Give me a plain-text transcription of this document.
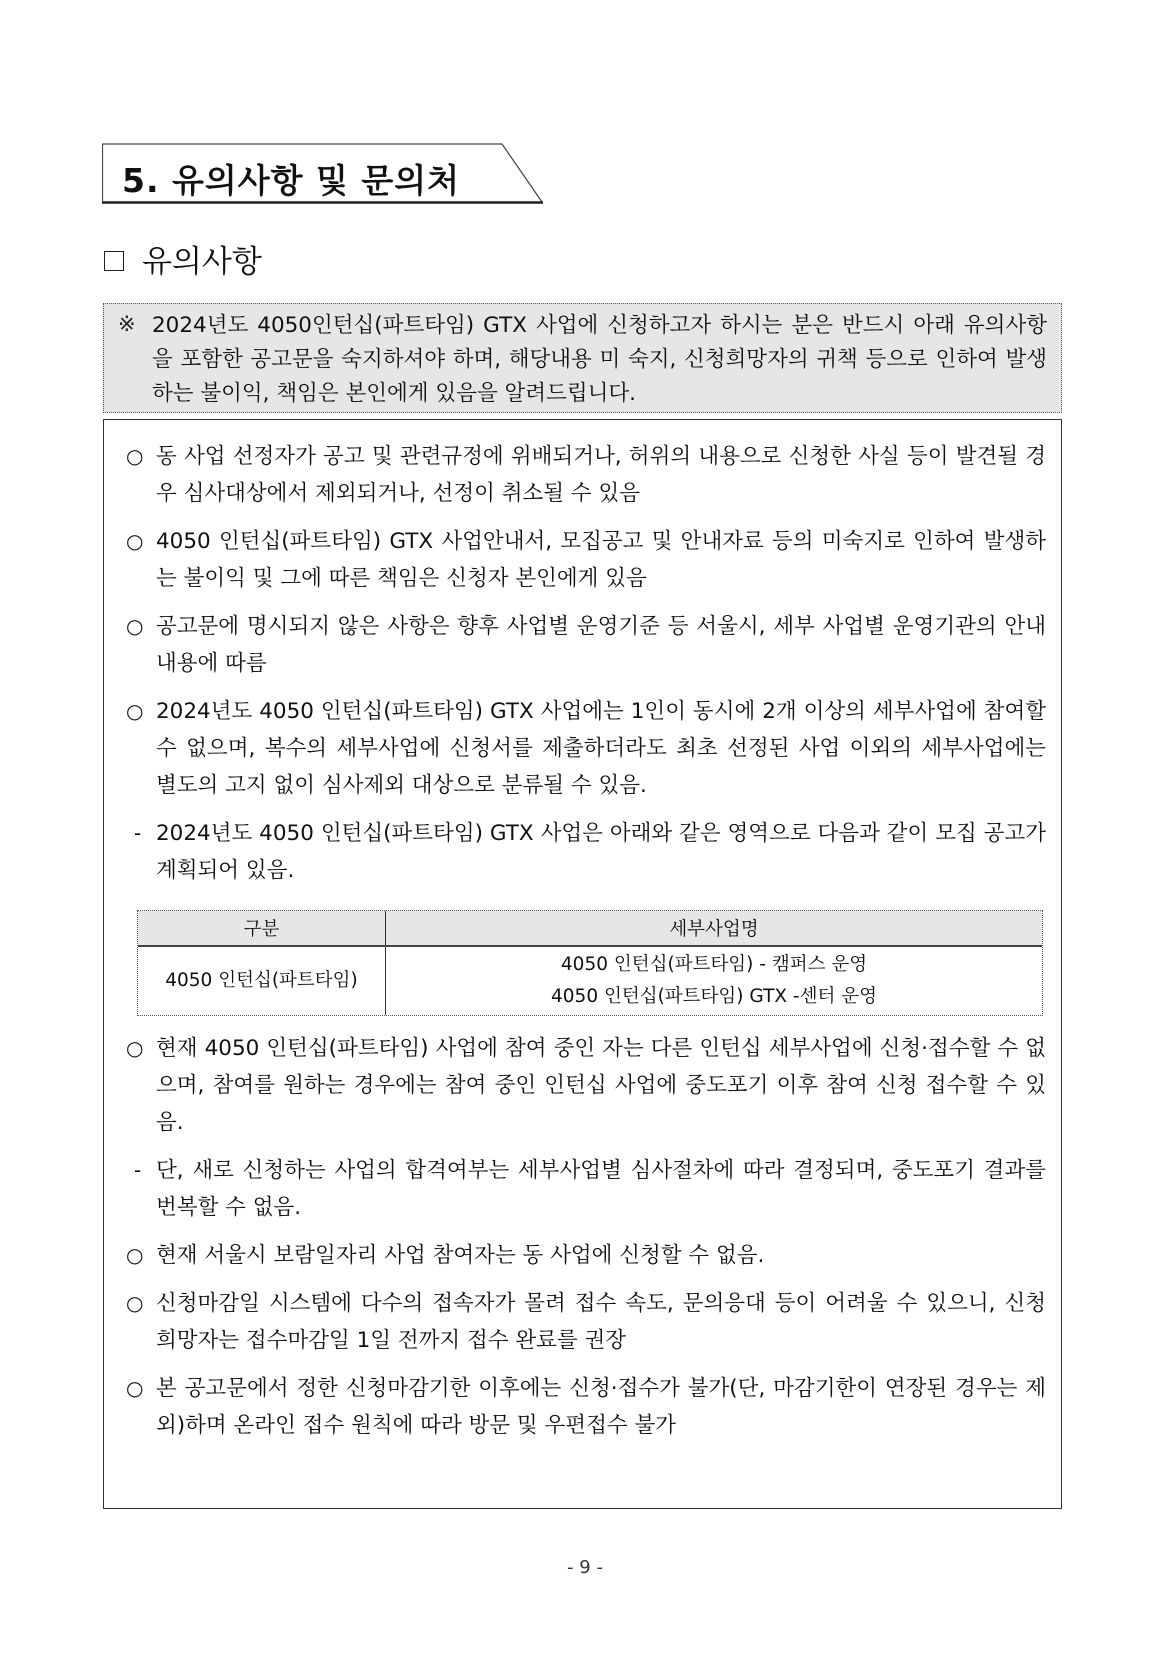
5. 유의사항 및 문의처
유의사항
※ 2024년도 4050인턴십(파트타임) GTX 사업에 신청하고자 하시는 분은 반드시 아래 유의사항을 포함한 공고문을 숙지하셔야 하며, 해당내용 미 숙지, 신청희망자의 귀책 등으로 인하여 발생하는 불이익, 책임은 본인에게 있음을 알려드립니다.
○ 동 사업 선정자가 공고 및 관련규정에 위배되거나, 허위의 내용으로 신청한 사실 등이 발견될 경우 심사대상에서 제외되거나, 선정이 취소될 수 있음
○ 4050 인턴십(파트타임) GTX 사업안내서, 모집공고 및 안내자료 등의 미숙지로 인하여 발생하는 불이익 및 그에 따른 책임은 신청자 본인에게 있음
○ 공고문에 명시되지 않은 사항은 향후 사업별 운영기준 등 서울시, 세부 사업별 운영기관의 안내 내용에 따름
○ 2024년도 4050 인턴십(파트타임) GTX 사업에는 1인이 동시에 2개 이상의 세부사업에 참여할 수 없으며, 복수의 세부사업에 신청서를 제출하더라도 최초 선정된 사업 이외의 세부사업에는 별도의 고지 없이 심사제외 대상으로 분류될 수 있음.
- 2024년도 4050 인턴십(파트타임) GTX 사업은 아래와 같은 영역으로 다음과 같이 모집 공고가 계획되어 있음.
구분	세부사업명
4050 인턴십(파트타임)	4050 인턴십(파트타임) - 캠퍼스 운영
4050 인턴십(파트타임) GTX -센터 운영
○ 현재 4050 인턴십(파트타임) 사업에 참여 중인 자는 다른 인턴십 세부사업에 신청·접수할 수 없으며, 참여를 원하는 경우에는 참여 중인 인턴십 사업에 중도포기 이후 참여 신청 접수할 수 있음.
- 단, 새로 신청하는 사업의 합격여부는 세부사업별 심사절차에 따라 결정되며, 중도포기 결과를 번복할 수 없음.
○ 현재 서울시 보람일자리 사업 참여자는 동 사업에 신청할 수 없음.
○ 신청마감일 시스템에 다수의 접속자가 몰려 접수 속도, 문의응대 등이 어려울 수 있으니, 신청 희망자는 접수마감일 1일 전까지 접수 완료를 권장
○ 본 공고문에서 정한 신청마감기한 이후에는 신청·접수가 불가(단, 마감기한이 연장된 경우는 제외)하며 온라인 접수 원칙에 따라 방문 및 우편접수 불가
- 9 -
